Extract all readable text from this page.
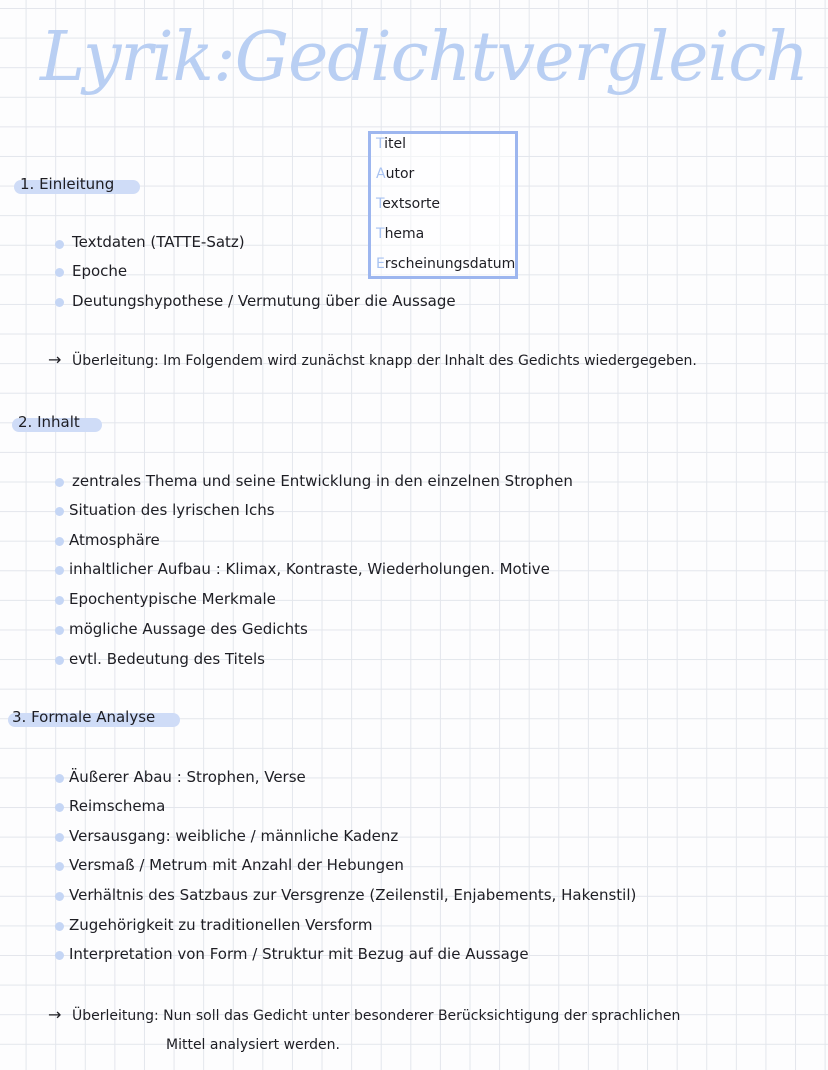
Lyrik:Gedichtvergleich
Titel
Autor
Textsorte
Thema
Erscheinungsdatum
1. Einleitung
Textdaten (TATTE-Satz)
Epoche
Deutungshypothese / Vermutung über die Aussage
→ Überleitung: Im Folgendem wird zunächst knapp der Inhalt des Gedichts wiedergegeben.
2. Inhalt
zentrales Thema und seine Entwicklung in den einzelnen Strophen
Situation des lyrischen Ichs
Atmosphäre
inhaltlicher Aufbau : Klimax, Kontraste, Wiederholungen. Motive
Epochentypische Merkmale
mögliche Aussage des Gedichts
evtl. Bedeutung des Titels
3. Formale Analyse
Äußerer Abau : Strophen, Verse
Reimschema
Versausgang: weibliche / männliche Kadenz
Versmaß / Metrum mit Anzahl der Hebungen
Verhältnis des Satzbaus zur Versgrenze (Zeilenstil, Enjabements, Hakenstil)
Zugehörigkeit zu traditionellen Versform
Interpretation von Form / Struktur mit Bezug auf die Aussage
→ Überleitung: Nun soll das Gedicht unter besonderer Berücksichtigung der sprachlichen
Mittel analysiert werden.
